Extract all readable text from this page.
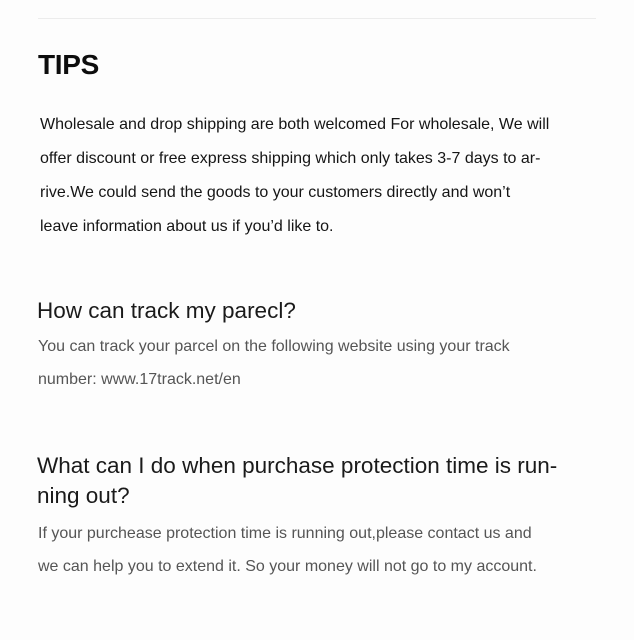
TIPS

Wholesale and drop shipping are both welcomed For wholesale, We will
offer discount or free express shipping which only takes 3-7 days to ar-
rive.We could send the goods to your customers directly and won’t
leave information about us if you’d like to.

How can track my parecl?

You can track your parcel on the following website using your track
number: www.17track.net/en

What can I do when purchase protection time is run-
ning out?

If your purchease protection time is running out,please contact us and
we can help you to extend it. So your money will not go to my account.
